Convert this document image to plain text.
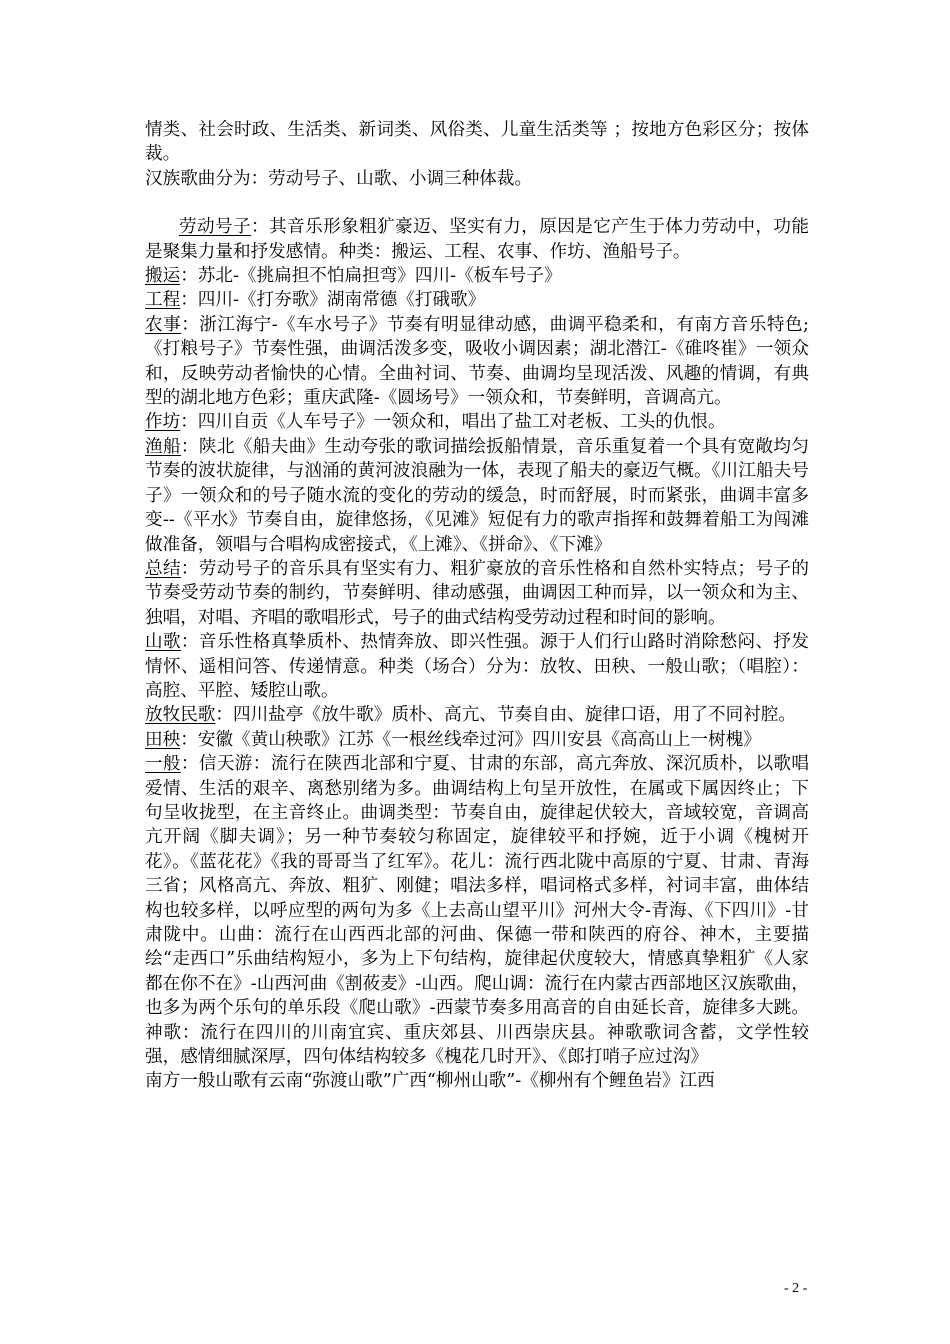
情类、社会时政、生活类、新词类、风俗类、儿童生活类等 ；按地方色彩区分；按体裁。

汉族歌曲分为：劳动号子、山歌、小调三种体裁。

劳动号子：其音乐形象粗犷豪迈、坚实有力，原因是它产生于体力劳动中，功能是聚集力量和抒发感情。种类：搬运、工程、农事、作坊、渔船号子。

搬运：苏北-《挑扁担不怕扁担弯》四川-《板车号子》

工程：四川-《打夯歌》湖南常德《打硪歌》

农事：浙江海宁-《车水号子》节奏有明显律动感，曲调平稳柔和，有南方音乐特色;《打粮号子》节奏性强，曲调活泼多变，吸收小调因素；湖北潜江-《碓咚崔》一领众和，反映劳动者愉快的心情。全曲衬词、节奏、曲调均呈现活泼、风趣的情调，有典型的湖北地方色彩；重庆武隆-《圆场号》一领众和，节奏鲜明，音调高亢。

作坊：四川自贡《人车号子》一领众和，唱出了盐工对老板、工头的仇恨。

渔船：陕北《船夫曲》生动夸张的歌词描绘扳船情景，音乐重复着一个具有宽敞均匀节奏的波状旋律，与汹涌的黄河波浪融为一体，表现了船夫的豪迈气概。《川江船夫号子》一领众和的号子随水流的变化的劳动的缓急，时而舒展，时而紧张，曲调丰富多变--《平水》节奏自由，旋律悠扬，《见滩》短促有力的歌声指挥和鼓舞着船工为闯滩做准备，领唱与合唱构成密接式，《上滩》、《拼命》、《下滩》

总结：劳动号子的音乐具有坚实有力、粗犷豪放的音乐性格和自然朴实特点；号子的节奏受劳动节奏的制约，节奏鲜明、律动感强，曲调因工种而异，以一领众和为主、独唱，对唱、齐唱的歌唱形式，号子的曲式结构受劳动过程和时间的影响。

山歌：音乐性格真挚质朴、热情奔放、即兴性强。源于人们行山路时消除愁闷、抒发情怀、遥相问答、传递情意。种类（场合）分为：放牧、田秧、一般山歌；（唱腔）：高腔、平腔、矮腔山歌。

放牧民歌：四川盐亭《放牛歌》质朴、高亢、节奏自由、旋律口语，用了不同衬腔。

田秧：安徽《黄山秧歌》江苏《一根丝线牵过河》四川安县《高高山上一树槐》

一般：信天游：流行在陕西北部和宁夏、甘肃的东部，高亢奔放、深沉质朴，以歌唱爱情、生活的艰辛、离愁别绪为多。曲调结构上句呈开放性，在属或下属因终止；下句呈收拢型，在主音终止。曲调类型：节奏自由，旋律起伏较大，音域较宽，音调高亢开阔《脚夫调》；另一种节奏较匀称固定，旋律较平和抒婉，近于小调《槐树开花》。《蓝花花》《我的哥哥当了红军》。花儿：流行西北陇中高原的宁夏、甘肃、青海三省；风格高亢、奔放、粗犷、刚健；唱法多样，唱词格式多样，衬词丰富，曲体结构也较多样，以呼应型的两句为多《上去高山望平川》河州大令-青海、《下四川》-甘肃陇中。山曲：流行在山西西北部的河曲、保德一带和陕西的府谷、神木，主要描绘“走西口”乐曲结构短小，多为上下句结构，旋律起伏度较大，情感真挚粗犷《人家都在你不在》-山西河曲《割莜麦》-山西。爬山调：流行在内蒙古西部地区汉族歌曲，也多为两个乐句的单乐段《爬山歌》-西蒙节奏多用高音的自由延长音，旋律多大跳。神歌：流行在四川的川南宜宾、重庆郊县、川西崇庆县。神歌歌词含蓄，文学性较强，感情细腻深厚，四句体结构较多《槐花几时开》、《郎打哨子应过沟》

南方一般山歌有云南“弥渡山歌”广西“柳州山歌”-《柳州有个鲤鱼岩》江西

- 2 -
